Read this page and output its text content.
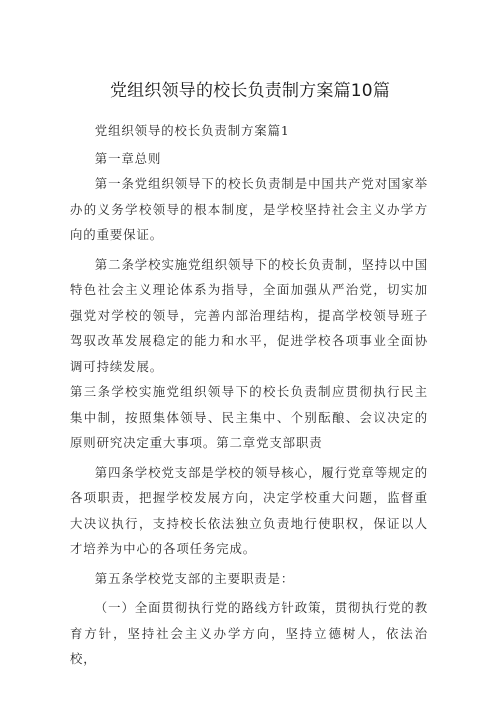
党组织领导的校长负责制方案篇10篇

党组织领导的校长负责制方案篇1

第一章总则

第一条党组织领导下的校长负责制是中国共产党对国家举办的义务学校领导的根本制度，是学校坚持社会主义办学方向的重要保证。

第二条学校实施党组织领导下的校长负责制，坚持以中国特色社会主义理论体系为指导，全面加强从严治党，切实加强党对学校的领导，完善内部治理结构，提高学校领导班子驾驭改革发展稳定的能力和水平，促进学校各项事业全面协调可持续发展。

第三条学校实施党组织领导下的校长负责制应贯彻执行民主集中制，按照集体领导、民主集中、个别酝酿、会议决定的原则研究决定重大事项。第二章党支部职责

第四条学校党支部是学校的领导核心，履行党章等规定的各项职责，把握学校发展方向，决定学校重大问题，监督重大决议执行，支持校长依法独立负责地行使职权，保证以人才培养为中心的各项任务完成。

第五条学校党支部的主要职责是：

（一）全面贯彻执行党的路线方针政策，贯彻执行党的教育方针，坚持社会主义办学方向，坚持立德树人，依法治校，
